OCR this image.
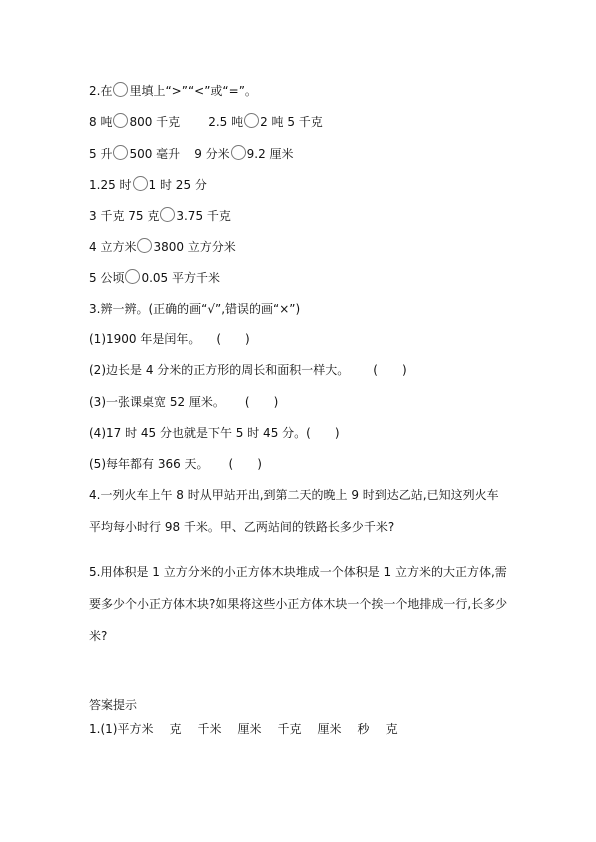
2.在 里填上“>”“<”或“=”。
8 吨 800 千克 2.5 吨 2 吨 5 千克
5 升 500 毫升 9 分米 9.2 厘米
1.25 时 1 时 25 分
3 千克 75 克 3.75 千克
4 立方米 3800 立方分米
5 公顷 0.05 平方千米
3.辨一辨。(正确的画“√”,错误的画“×”)
(1)1900 年是闰年。 (　　)
(2)边长是 4 分米的正方形的周长和面积一样大。 (　　)
(3)一张课桌宽 52 厘米。 (　　)
(4)17 时 45 分也就是下午 5 时 45 分。(　　)
(5)每年都有 366 天。 (　　)
4.一列火车上午 8 时从甲站开出,到第二天的晚上 9 时到达乙站,已知这列火车平均每小时行 98 千米。甲、乙两站间的铁路长多少千米?
5.用体积是 1 立方分米的小正方体木块堆成一个体积是 1 立方米的大正方体,需要多少个小正方体木块?如果将这些小正方体木块一个挨一个地排成一行,长多少米?
答案提示
1.(1)平方米 克 千米 厘米 千克 厘米 秒 克
